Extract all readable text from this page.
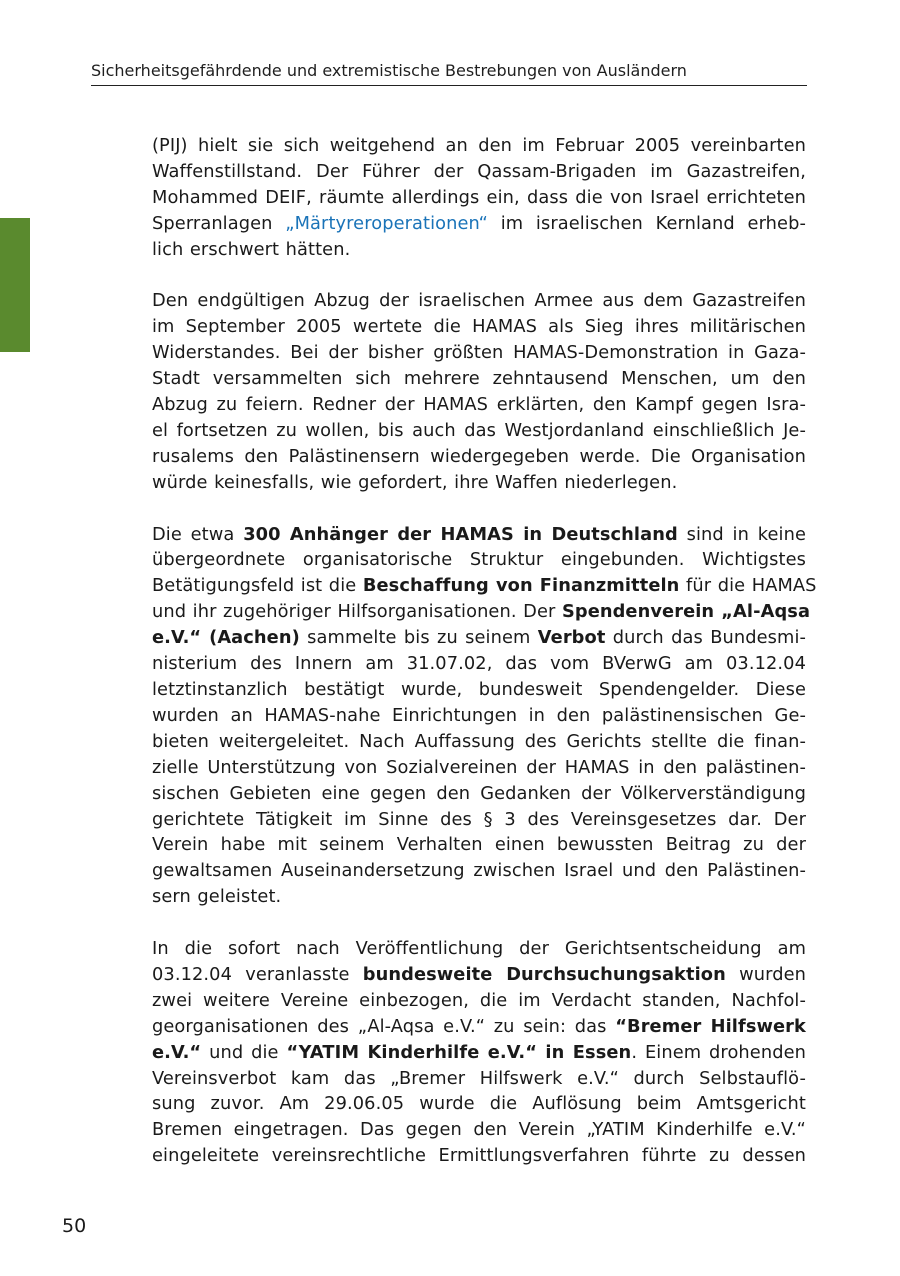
Sicherheitsgefährdende und extremistische Bestrebungen von Ausländern

(PIJ) hielt sie sich weitgehend an den im Februar 2005 vereinbarten
Waffenstillstand. Der Führer der Qassam-Brigaden im Gazastreifen,
Mohammed DEIF, räumte allerdings ein, dass die von Israel errichteten
Sperranlagen „Märtyreroperationen“ im israelischen Kernland erheb-
lich erschwert hätten.

Den endgültigen Abzug der israelischen Armee aus dem Gazastreifen
im September 2005 wertete die HAMAS als Sieg ihres militärischen
Widerstandes. Bei der bisher größten HAMAS-Demonstration in Gaza-
Stadt versammelten sich mehrere zehntausend Menschen, um den
Abzug zu feiern. Redner der HAMAS erklärten, den Kampf gegen Isra-
el fortsetzen zu wollen, bis auch das Westjordanland einschließlich Je-
rusalems den Palästinensern wiedergegeben werde. Die Organisation
würde keinesfalls, wie gefordert, ihre Waffen niederlegen.

Die etwa 300 Anhänger der HAMAS in Deutschland sind in keine
übergeordnete organisatorische Struktur eingebunden. Wichtigstes
Betätigungsfeld ist die Beschaffung von Finanzmitteln für die HAMAS
und ihr zugehöriger Hilfsorganisationen. Der Spendenverein „Al-Aqsa
e.V.“ (Aachen) sammelte bis zu seinem Verbot durch das Bundesmi-
nisterium des Innern am 31.07.02, das vom BVerwG am 03.12.04
letztinstanzlich bestätigt wurde, bundesweit Spendengelder. Diese
wurden an HAMAS-nahe Einrichtungen in den palästinensischen Ge-
bieten weitergeleitet. Nach Auffassung des Gerichts stellte die finan-
zielle Unterstützung von Sozialvereinen der HAMAS in den palästinen-
sischen Gebieten eine gegen den Gedanken der Völkerverständigung
gerichtete Tätigkeit im Sinne des § 3 des Vereinsgesetzes dar. Der
Verein habe mit seinem Verhalten einen bewussten Beitrag zu der
gewaltsamen Auseinandersetzung zwischen Israel und den Palästinen-
sern geleistet.

In die sofort nach Veröffentlichung der Gerichtsentscheidung am
03.12.04 veranlasste bundesweite Durchsuchungsaktion wurden
zwei weitere Vereine einbezogen, die im Verdacht standen, Nachfol-
georganisationen des „Al-Aqsa e.V.“ zu sein: das “Bremer Hilfswerk
e.V.“ und die “YATIM Kinderhilfe e.V.“ in Essen. Einem drohenden
Vereinsverbot kam das „Bremer Hilfswerk e.V.“ durch Selbstauflö-
sung zuvor. Am 29.06.05 wurde die Auflösung beim Amtsgericht
Bremen eingetragen. Das gegen den Verein „YATIM Kinderhilfe e.V.“
eingeleitete vereinsrechtliche Ermittlungsverfahren führte zu dessen

50
